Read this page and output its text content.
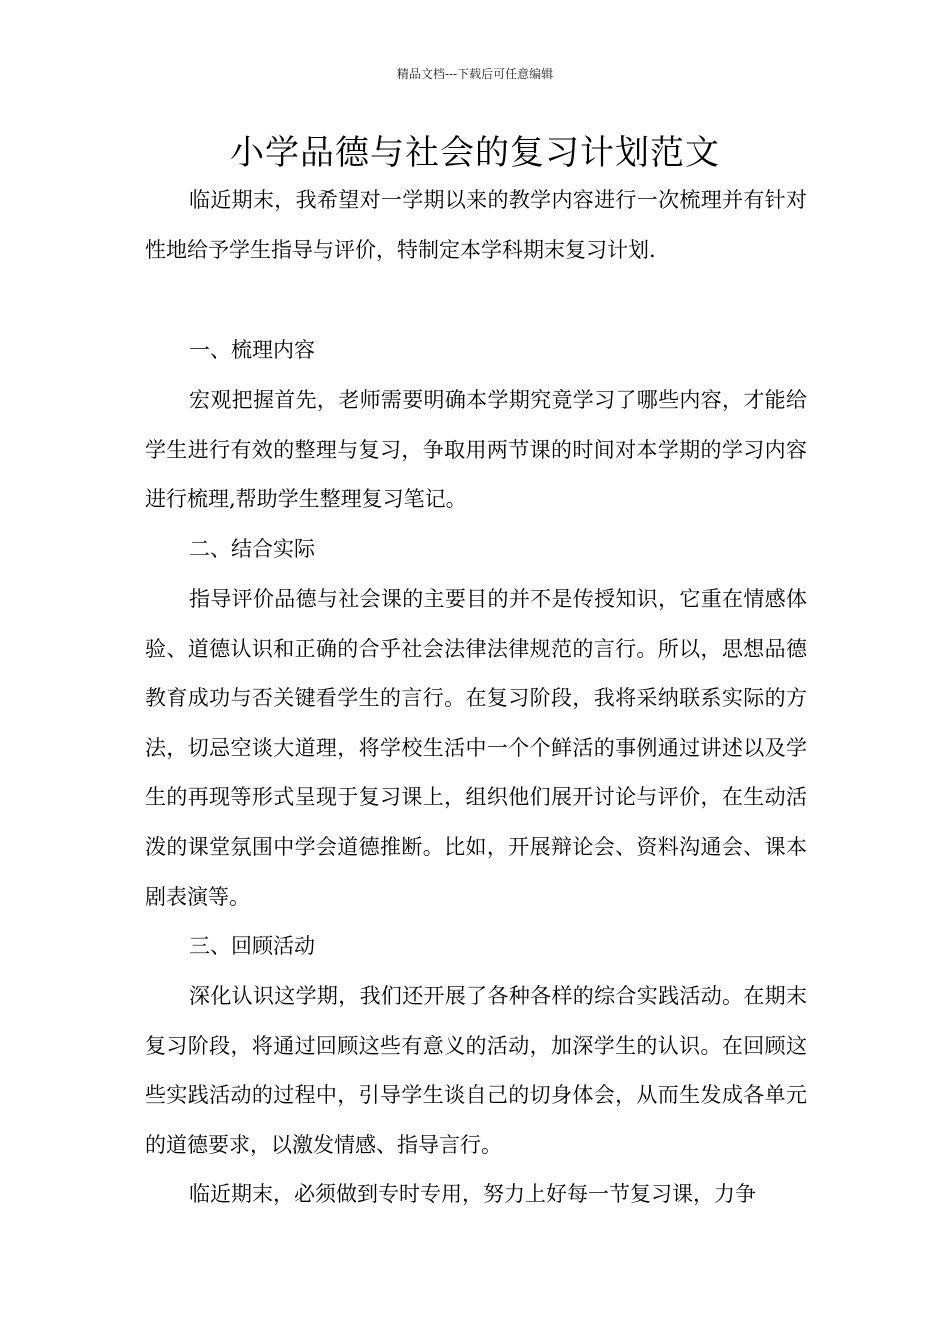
精品文档---下载后可任意编辑
小学品德与社会的复习计划范文

临近期末，我希望对一学期以来的教学内容进行一次梳理并有针对性地给予学生指导与评价，特制定本学科期末复习计划.

一、梳理内容

宏观把握首先，老师需要明确本学期究竟学习了哪些内容，才能给学生进行有效的整理与复习，争取用两节课的时间对本学期的学习内容进行梳理,帮助学生整理复习笔记。

二、结合实际

指导评价品德与社会课的主要目的并不是传授知识，它重在情感体验、道德认识和正确的合乎社会法律法律规范的言行。所以，思想品德教育成功与否关键看学生的言行。在复习阶段，我将采纳联系实际的方法，切忌空谈大道理，将学校生活中一个个鲜活的事例通过讲述以及学生的再现等形式呈现于复习课上，组织他们展开讨论与评价，在生动活泼的课堂氛围中学会道德推断。比如，开展辩论会、资料沟通会、课本剧表演等。

三、回顾活动

深化认识这学期，我们还开展了各种各样的综合实践活动。在期末复习阶段，将通过回顾这些有意义的活动，加深学生的认识。在回顾这些实践活动的过程中，引导学生谈自己的切身体会，从而生发成各单元的道德要求，以激发情感、指导言行。

临近期末，必须做到专时专用，努力上好每一节复习课，力争
